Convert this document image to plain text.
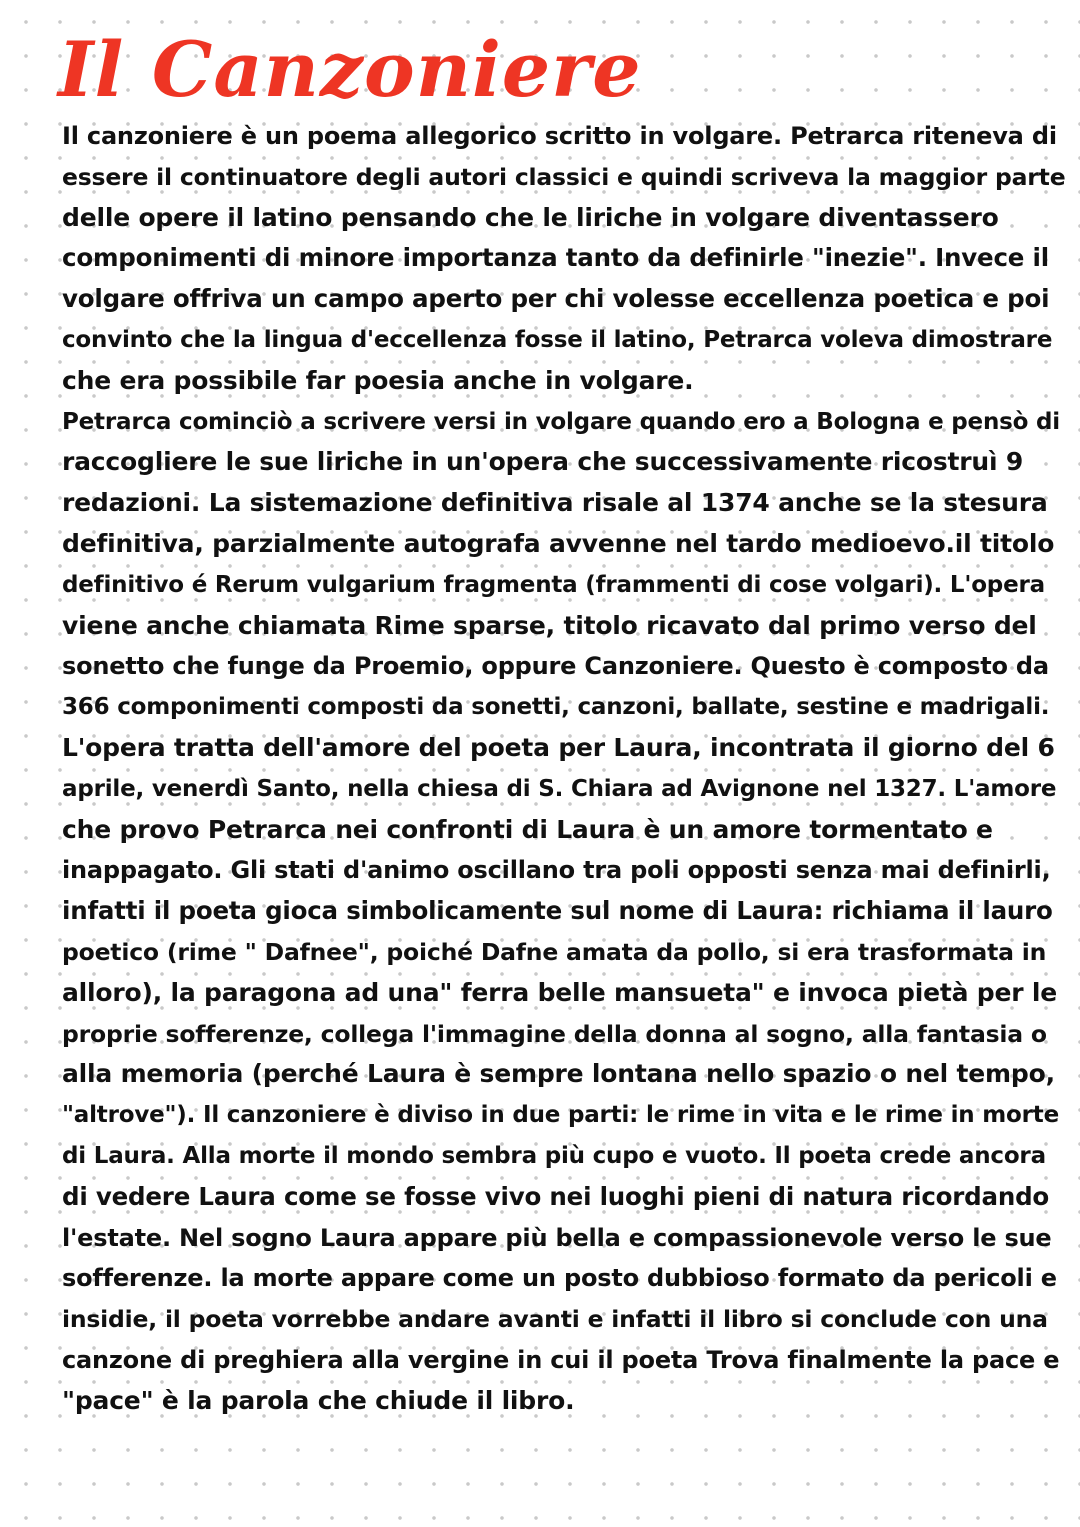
Il Canzoniere
Il canzoniere è un poema allegorico scritto in volgare. Petrarca riteneva di
essere il continuatore degli autori classici e quindi scriveva la maggior parte
delle opere il latino pensando che le liriche in volgare diventassero
componimenti di minore importanza tanto da definirle "inezie". Invece il
volgare offriva un campo aperto per chi volesse eccellenza poetica e poi
convinto che la lingua d'eccellenza fosse il latino, Petrarca voleva dimostrare
che era possibile far poesia anche in volgare.
Petrarca cominciò a scrivere versi in volgare quando ero a Bologna e pensò di
raccogliere le sue liriche in un'opera che successivamente ricostruì 9
redazioni. La sistemazione definitiva risale al 1374 anche se la stesura
definitiva, parzialmente autografa avvenne nel tardo medioevo.il titolo
definitivo é Rerum vulgarium fragmenta (frammenti di cose volgari). L'opera
viene anche chiamata Rime sparse, titolo ricavato dal primo verso del
sonetto che funge da Proemio, oppure Canzoniere. Questo è composto da
366 componimenti composti da sonetti, canzoni, ballate, sestine e madrigali.
L'opera tratta dell'amore del poeta per Laura, incontrata il giorno del 6
aprile, venerdì Santo, nella chiesa di S. Chiara ad Avignone nel 1327. L'amore
che provo Petrarca nei confronti di Laura è un amore tormentato e
inappagato. Gli stati d'animo oscillano tra poli opposti senza mai definirli,
infatti il poeta gioca simbolicamente sul nome di Laura: richiama il lauro
poetico (rime " Dafnee", poiché Dafne amata da pollo, si era trasformata in
alloro), la paragona ad una" ferra belle mansueta" e invoca pietà per le
proprie sofferenze, collega l'immagine della donna al sogno, alla fantasia o
alla memoria (perché Laura è sempre lontana nello spazio o nel tempo,
"altrove"). Il canzoniere è diviso in due parti: le rime in vita e le rime in morte
di Laura. Alla morte il mondo sembra più cupo e vuoto. Il poeta crede ancora
di vedere Laura come se fosse vivo nei luoghi pieni di natura ricordando
l'estate. Nel sogno Laura appare più bella e compassionevole verso le sue
sofferenze. la morte appare come un posto dubbioso formato da pericoli e
insidie, il poeta vorrebbe andare avanti e infatti il libro si conclude con una
canzone di preghiera alla vergine in cui il poeta Trova finalmente la pace e
"pace" è la parola che chiude il libro.
